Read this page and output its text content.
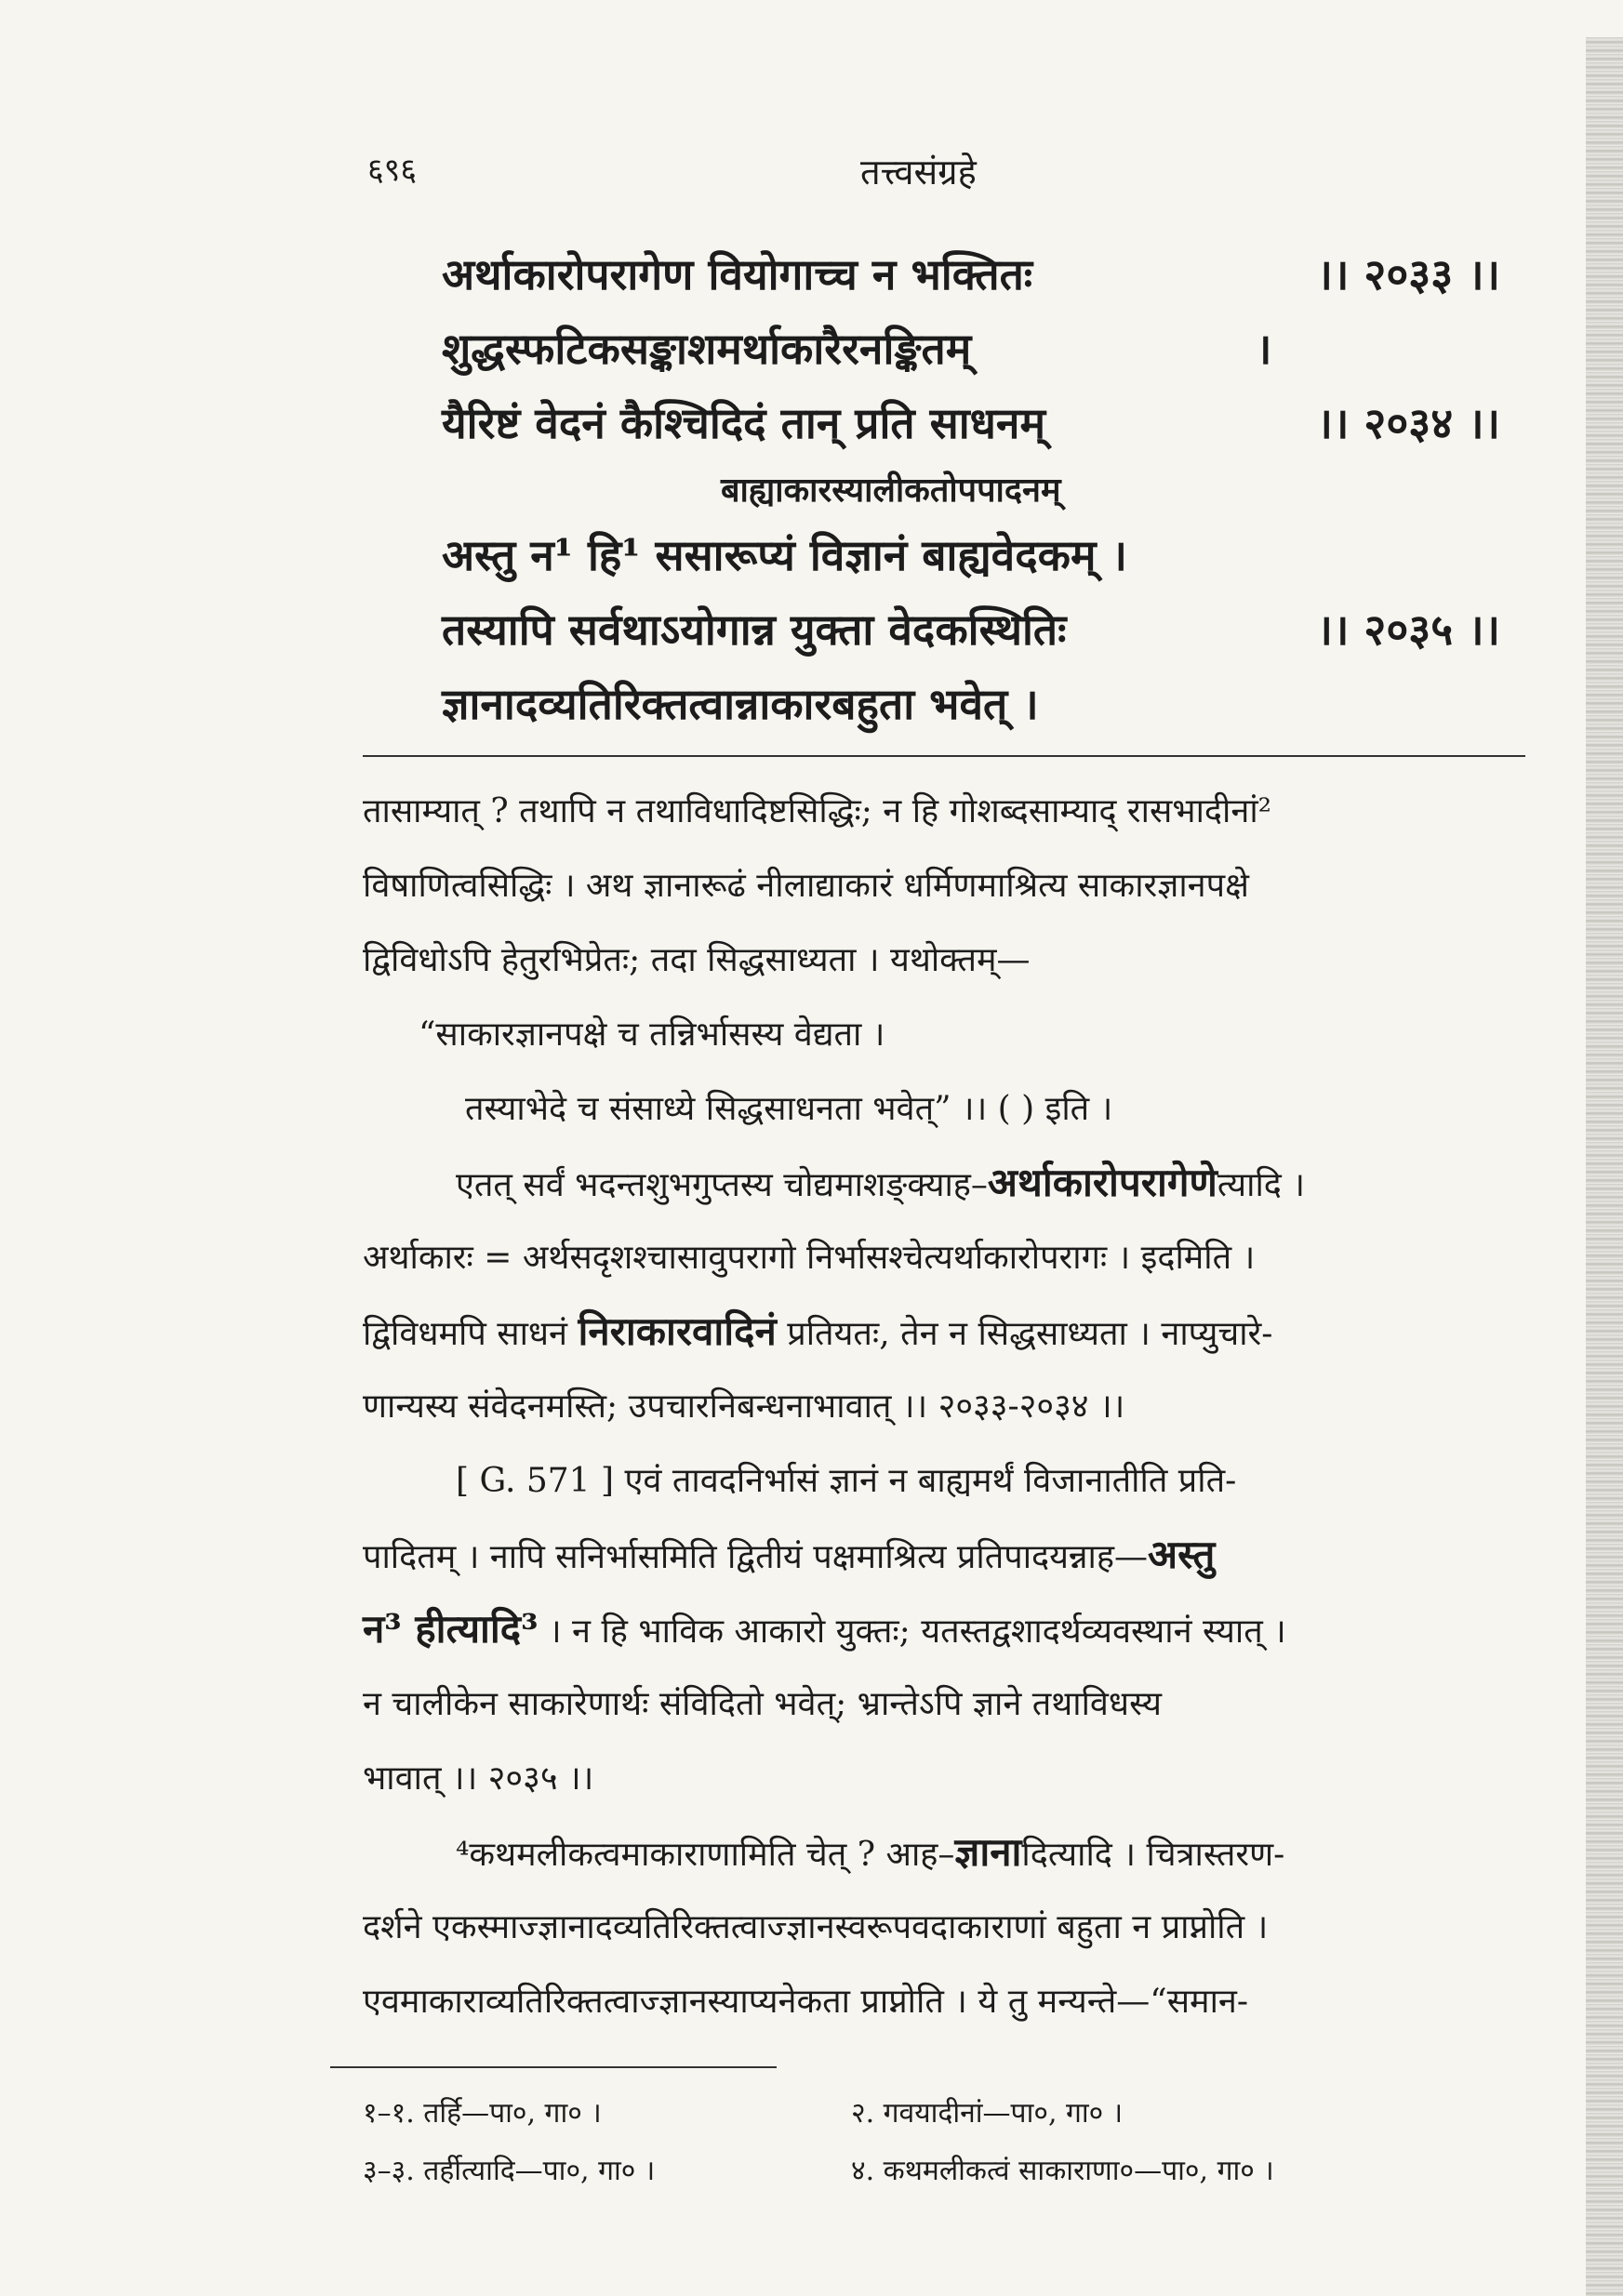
६९६	तत्त्वसंग्रहे
अर्थाकारोपरागेण वियोगाच्च न भक्तितः	।। २०३३ ।।
शुद्धस्फटिकसङ्काशमर्थाकारैरनङ्कितम्	।
यैरिष्टं वेदनं कैश्चिदिदं तान् प्रति साधनम्	।। २०३४ ।।
बाह्याकारस्यालीकतोपपादनम्
अस्तु न¹ हि¹ ससारूप्यं विज्ञानं बाह्यवेदकम् ।
तस्यापि सर्वथाऽयोगान्न युक्ता वेदकस्थितिः	।। २०३५ ।।
ज्ञानादव्यतिरिक्तत्वान्नाकारबहुता भवेत् ।
तासाम्यात् ? तथापि न तथाविधादिष्टसिद्धिः; न हि गोशब्दसाम्याद् रासभादीनां²
विषाणित्वसिद्धिः । अथ ज्ञानारूढं नीलाद्याकारं धर्मिणमाश्रित्य साकारज्ञानपक्षे
द्विविधोऽपि हेतुरभिप्रेतः; तदा सिद्धसाध्यता । यथोक्तम्—
“साकारज्ञानपक्षे च तन्निर्भासस्य वेद्यता ।
तस्याभेदे च संसाध्ये सिद्धसाधनता भवेत्” ।। ( ) इति ।
एतत् सर्वं भदन्तशुभगुप्तस्य चोद्यमाशङ्क्याह–अर्थाकारोपरागेणेत्यादि ।
अर्थाकारः = अर्थसदृशश्चासावुपरागो निर्भासश्चेत्यर्थाकारोपरागः । इदमिति ।
द्विविधमपि साधनं निराकारवादिनं प्रतियतः, तेन न सिद्धसाध्यता । नाप्युचारे-
णान्यस्य संवेदनमस्ति; उपचारनिबन्धनाभावात् ।। २०३३-२०३४ ।।
[ G. 571 ] एवं तावदनिर्भासं ज्ञानं न बाह्यमर्थं विजानातीति प्रति-
पादितम् । नापि सनिर्भासमिति द्वितीयं पक्षमाश्रित्य प्रतिपादयन्नाह—अस्तु
न³ हीत्यादि³ । न हि भाविक आकारो युक्तः; यतस्तद्वशादर्थव्यवस्थानं स्यात् ।
न चालीकेन साकारेणार्थः संविदितो भवेत्; भ्रान्तेऽपि ज्ञाने तथाविधस्य
भावात् ।। २०३५ ।।
⁴कथमलीकत्वमाकाराणामिति चेत् ? आह–ज्ञानादित्यादि । चित्रास्तरण-
दर्शने एकस्माज्ज्ञानादव्यतिरिक्तत्वाज्ज्ञानस्वरूपवदाकाराणां बहुता न प्राप्नोति ।
एवमाकाराव्यतिरिक्तत्वाज्ज्ञानस्याप्यनेकता प्राप्नोति । ये तु मन्यन्ते—“समान-
१–१. तर्हि—पा०, गा० ।	२. गवयादीनां—पा०, गा० ।
३–३. तर्हीत्यादि—पा०, गा० ।	४. कथमलीकत्वं साकाराणा०—पा०, गा० ।
